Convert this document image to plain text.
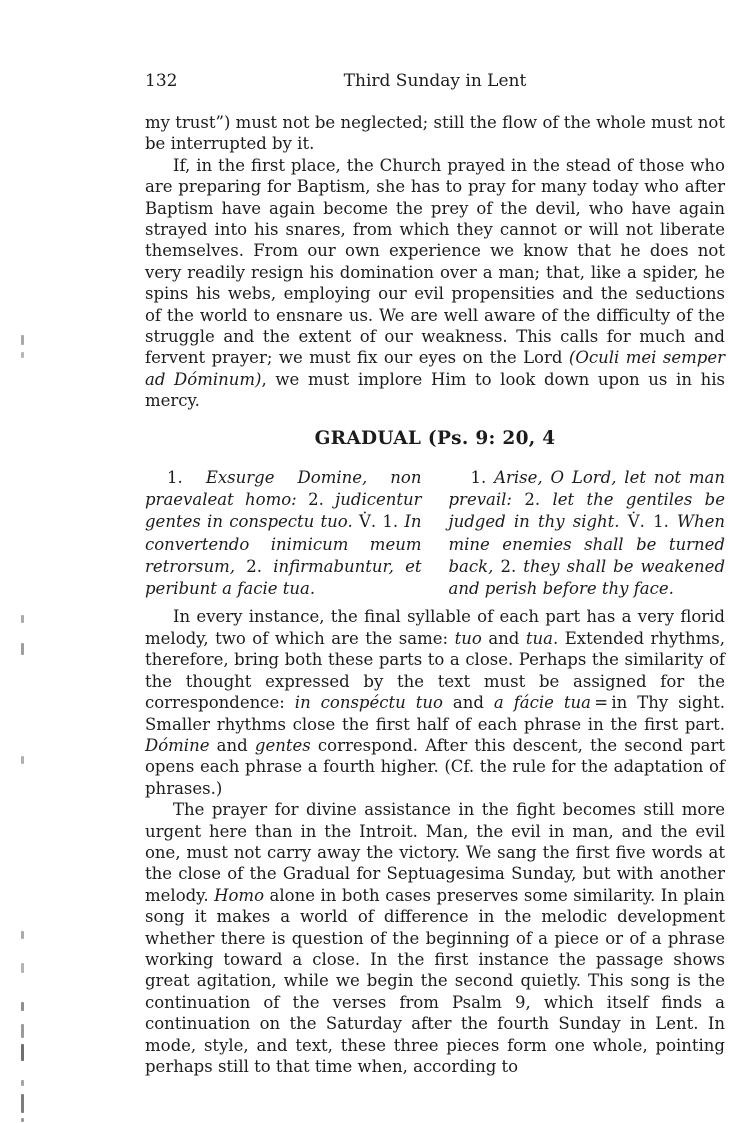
132	Third Sunday in Lent

my trust”) must not be neglected; still the flow of the whole must not be interrupted by it.

If, in the first place, the Church prayed in the stead of those who are preparing for Baptism, she has to pray for many today who after Baptism have again become the prey of the devil, who have again strayed into his snares, from which they cannot or will not liberate themselves. From our own experience we know that he does not very readily resign his domination over a man; that, like a spider, he spins his webs, employing our evil propensities and the seductions of the world to ensnare us. We are well aware of the difficulty of the struggle and the extent of our weakness. This calls for much and fervent prayer; we must fix our eyes on the Lord (Oculi mei semper ad Dóminum), we must implore Him to look down upon us in his mercy.

GRADUAL (Ps. 9: 20, 4

1. Exsurge Domine, non praevaleat homo: 2. judicentur gentes in conspectu tuo. V̇. 1. In convertendo inimicum meum retrorsum, 2. infirmabuntur, et peribunt a facie tua.

1. Arise, O Lord, let not man prevail: 2. let the gentiles be judged in thy sight. V̇. 1. When mine enemies shall be turned back, 2. they shall be weakened and perish before thy face.

In every instance, the final syllable of each part has a very florid melody, two of which are the same: tuo and tua. Extended rhythms, therefore, bring both these parts to a close. Perhaps the similarity of the thought expressed by the text must be assigned for the correspondence: in conspéctu tuo and a fácie tua = in Thy sight. Smaller rhythms close the first half of each phrase in the first part. Dómine and gentes correspond. After this descent, the second part opens each phrase a fourth higher. (Cf. the rule for the adaptation of phrases.)

The prayer for divine assistance in the fight becomes still more urgent here than in the Introit. Man, the evil in man, and the evil one, must not carry away the victory. We sang the first five words at the close of the Gradual for Septuagesima Sunday, but with another melody. Homo alone in both cases preserves some similarity. In plain song it makes a world of difference in the melodic development whether there is question of the beginning of a piece or of a phrase working toward a close. In the first instance the passage shows great agitation, while we begin the second quietly. This song is the continuation of the verses from Psalm 9, which itself finds a continuation on the Saturday after the fourth Sunday in Lent. In mode, style, and text, these three pieces form one whole, pointing perhaps still to that time when, according to
